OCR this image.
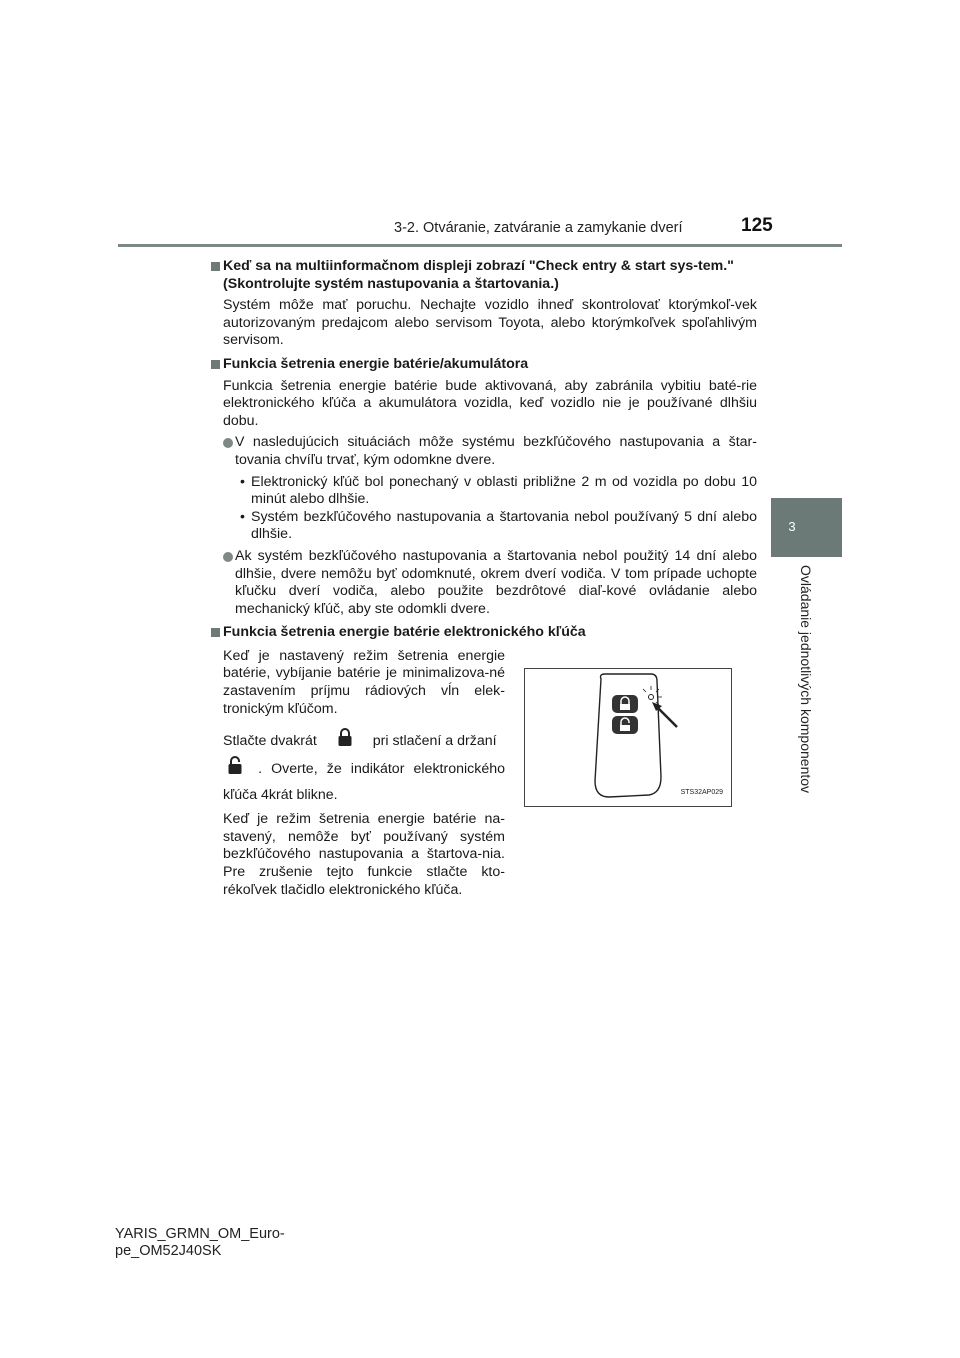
3-2. Otváranie, zatváranie a zamykanie dverí	125
3
Ovládanie jednotlivých komponentov
Keď sa na multiinformačnom displeji zobrazí "Check entry & start sys-tem." (Skontrolujte systém nastupovania a štartovania.)
Systém môže mať poruchu. Nechajte vozidlo ihneď skontrolovať ktorýmkoľ-vek autorizovaným predajcom alebo servisom Toyota, alebo ktorýmkoľvek spoľahlivým servisom.
Funkcia šetrenia energie batérie/akumulátora
Funkcia šetrenia energie batérie bude aktivovaná, aby zabránila vybitiu baté-rie elektronického kľúča a akumulátora vozidla, keď vozidlo nie je používané dlhšiu dobu.
V nasledujúcich situáciách môže systému bezkľúčového nastupovania a štar-tovania chvíľu trvať, kým odomkne dvere.
• Elektronický kľúč bol ponechaný v oblasti približne 2 m od vozidla po dobu 10 minút alebo dlhšie.
• Systém bezkľúčového nastupovania a štartovania nebol používaný 5 dní alebo dlhšie.
Ak systém bezkľúčového nastupovania a štartovania nebol použitý 14 dní alebo dlhšie, dvere nemôžu byť odomknuté, okrem dverí vodiča. V tom prípade uchopte kľučku dverí vodiča, alebo použite bezdrôtové diaľ-kové ovládanie alebo mechanický kľúč, aby ste odomkli dvere.
Funkcia šetrenia energie batérie elektronického kľúča

Keď je nastavený režim šetrenia energie batérie, vybíjanie batérie je minimalizova-né zastavením príjmu rádiových vĺn elek-tronickým kľúčom.

Stlačte dvakrát	pri stlačení a držaní
. Overte, že indikátor elektronického kľúča 4krát blikne.

Keď je režim šetrenia energie batérie na-stavený, nemôže byť používaný systém bezkľúčového nastupovania a štartova-nia. Pre zrušenie tejto funkcie stlačte kto-rékoľvek tlačidlo elektronického kľúča.

STS32AP029
YARIS_GRMN_OM_Euro-
pe_OM52J40SK
